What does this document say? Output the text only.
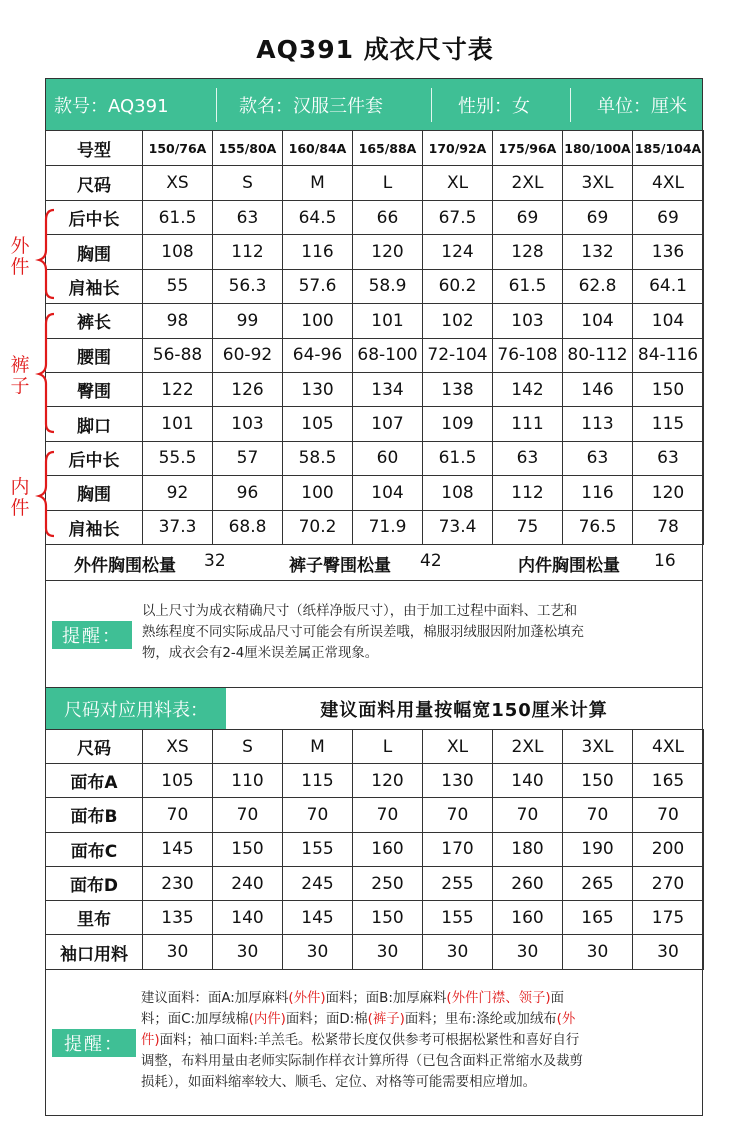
AQ391 成衣尺寸表
款号：AQ391	款名：汉服三件套	性别：女	单位：厘米
号型	150/76A	155/80A	160/84A	165/88A	170/92A	175/96A	180/100A	185/104A
尺码	XS	S	M	L	XL	2XL	3XL	4XL
后中长	61.5	63	64.5	66	67.5	69	69	69
胸围	108	112	116	120	124	128	132	136
肩袖长	55	56.3	57.6	58.9	60.2	61.5	62.8	64.1
裤长	98	99	100	101	102	103	104	104
腰围	56-88	60-92	64-96	68-100	72-104	76-108	80-112	84-116
臀围	122	126	130	134	138	142	146	150
脚口	101	103	105	107	109	111	113	115
后中长	55.5	57	58.5	60	61.5	63	63	63
胸围	92	96	100	104	108	112	116	120
肩袖长	37.3	68.8	70.2	71.9	73.4	75	76.5	78
外件
裤子
内件
外件胸围松量 32	裤子臀围松量 42	内件胸围松量 16
提醒：
以上尺寸为成衣精确尺寸（纸样净版尺寸），由于加工过程中面料、工艺和
熟练程度不同实际成品尺寸可能会有所误差哦，棉服羽绒服因附加蓬松填充
物，成衣会有2-4厘米误差属正常现象。
尺码对应用料表：	建议面料用量按幅宽150厘米计算
尺码	XS	S	M	L	XL	2XL	3XL	4XL
面布A	105	110	115	120	130	140	150	165
面布B	70	70	70	70	70	70	70	70
面布C	145	150	155	160	170	180	190	200
面布D	230	240	245	250	255	260	265	270
里布	135	140	145	150	155	160	165	175
袖口用料	30	30	30	30	30	30	30	30
提醒：
建议面料：面A:加厚麻料(外件)面料；面B:加厚麻料(外件门襟、领子)面
料；面C:加厚绒棉(内件)面料；面D:棉(裤子)面料；里布:涤纶或加绒布(外
件)面料；袖口面料:羊羔毛。松紧带长度仅供参考可根据松紧性和喜好自行
调整，布料用量由老师实际制作样衣计算所得（已包含面料正常缩水及裁剪
损耗），如面料缩率较大、顺毛、定位、对格等可能需要相应增加。
